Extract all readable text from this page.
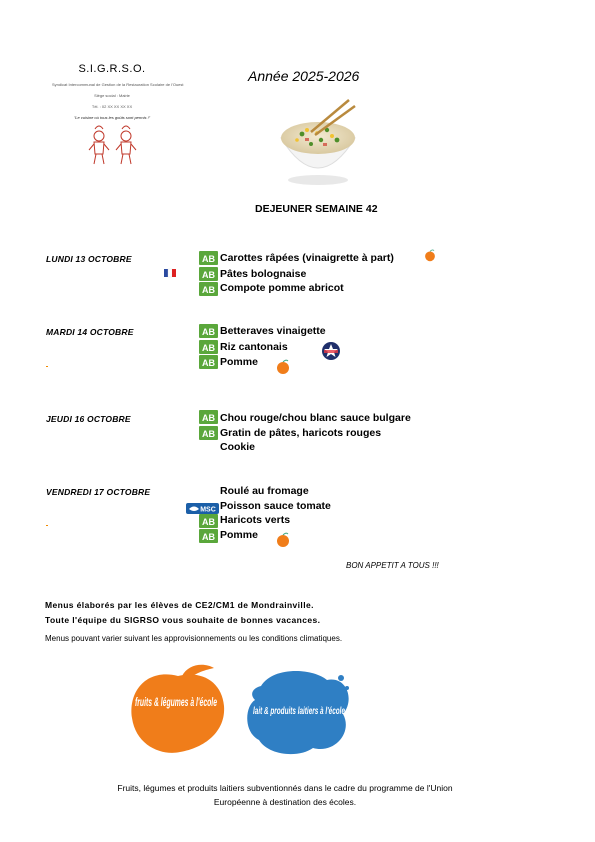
S.I.G.R.S.O.
Syndicat Intercommunal de Gestion de la Restauration Scolaire de l'Ouest
Siège social : Mairie
Tél. : 02 XX XX XX XX
"Le cuisine où tous les goûts sont permis !"
Année 2025-2026
DEJEUNER SEMAINE 42
LUNDI 13 OCTOBRE	AB Carottes râpées (vinaigrette à part)
AB Pâtes bolognaise
AB Compote pomme abricot
MARDI 14 OCTOBRE	AB Betteraves vinaigette
AB Riz cantonais
AB Pomme
JEUDI 16 OCTOBRE	AB Chou rouge/chou blanc sauce bulgare
AB Gratin de pâtes, haricots rouges
Cookie
VENDREDI 17 OCTOBRE	Roulé au fromage
MSC Poisson sauce tomate
AB Haricots verts
AB Pomme
BON APPETIT A TOUS !!!
Menus élaborés par les élèves de CE2/CM1 de Mondrainville.
Toute l'équipe du SIGRSO vous souhaite de bonnes vacances.
Menus pouvant varier suivant les approvisionnements ou les conditions climatiques.
fruits & légumes à l'école
lait & produits laitiers à l'école
Fruits, légumes et produits laitiers subventionnés dans le cadre du programme de l'Union
Européenne à destination des écoles.
